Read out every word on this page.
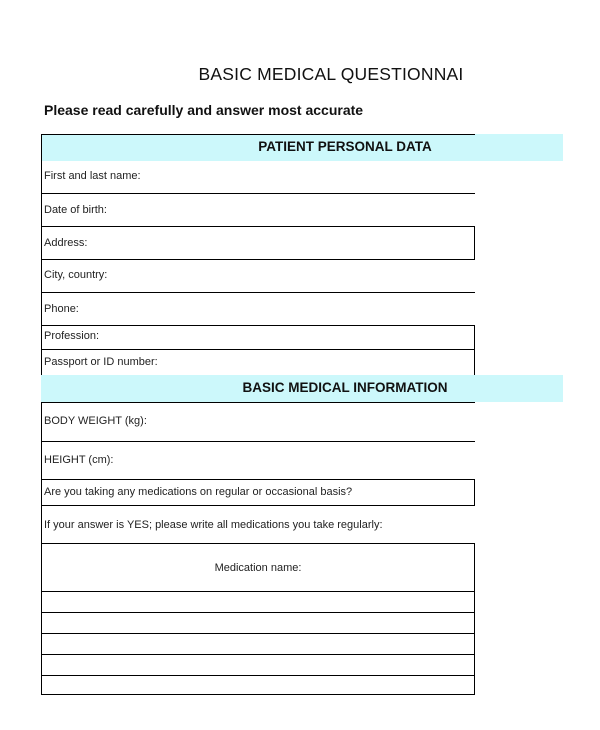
BASIC MEDICAL QUESTIONNAI
Please read carefully and answer most accurate
PATIENT PERSONAL DATA
First and last name:
Date of birth:
Address:
City, country:
Phone:
Profession:
Passport or ID number:
BASIC MEDICAL INFORMATION
BODY WEIGHT (kg):
HEIGHT (cm):
Are you taking any medications on regular or occasional basis?
If your answer is YES; please write all medications you take regularly:
Medication name:
